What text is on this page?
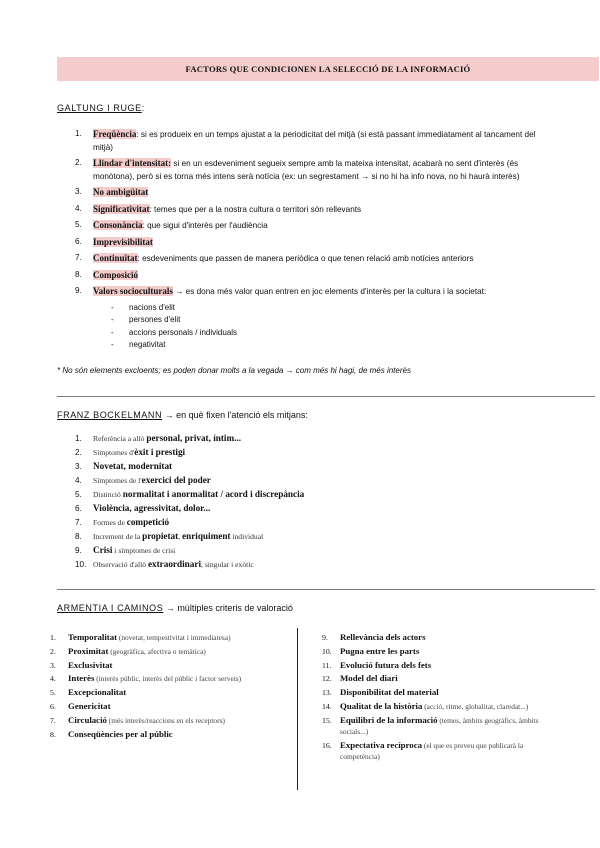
FACTORS QUE CONDICIONEN LA SELECCIÓ DE LA INFORMACIÓ
GALTUNG I RUGE:
1.	Freqüència: si es produeix en un temps ajustat a la periodicitat del mitjà (si està passant immediatament al tancament del mitjà)
2.	Llindar d'intensitat: si en un esdeveniment segueix sempre amb la mateixa intensitat, acabarà no sent d'interès (és monòtona), però si es torna més intens serà notícia (ex: un segrestament → si no hi ha info nova, no hi haurà interès)
3.	No ambigüitat
4.	Significativitat: temes que per a la nostra cultura o territori són rellevants
5.	Consonància: que sigui d'interès per l'audiència
6.	Imprevisibilitat
7.	Continuïtat: esdeveniments que passen de manera periòdica o que tenen relació amb notícies anteriors
8.	Composició
9.	Valors socioculturals → es dona més valor quan entren en joc elements d'interès per la cultura i la societat:
- nacions d'elit
- persones d'elit
- accions personals / individuals
- negativitat
* No són elements excloents; es poden donar molts a la vegada → com més hi hagi, de més interès
FRANZ BOCKELMANN → en què fixen l'atenció els mitjans:
1.	Referència a allò personal, privat, íntim...
2.	Símptomes d'èxit i prestigi
3.	Novetat, modernitat
4.	Símptomes de l'exercici del poder
5.	Distinció normalitat i anormalitat / acord i discrepància
6.	Violència, agressivitat, dolor...
7.	Formes de competició
8.	Increment de la propietat, enriquiment individual
9.	Crisi i símptomes de crisi
10. Observació d'allò extraordinari, singular i exòtic
ARMENTIA I CAMINOS → múltiples criteris de valoració
1.	Temporalitat (novetat, tempestivitat i immediatesa)
2.	Proximitat (geogràfica, afectiva o temàtica)
3.	Exclusivitat
4.	Interès (interès públic, interès del públic i factor serveis)
5.	Excepcionalitat
6.	Genericitat
7.	Circulació (més interès/reaccions en els receptors)
8.	Conseqüències per al públic
9.	Rellevància dels actors
10. Pugna entre les parts
11. Evolució futura dels fets
12. Model del diari
13. Disponibilitat del material
14. Qualitat de la història (acció, ritme, globalitat, claredat...)
15. Equilibri de la informació (temes, àmbits geogràfics, àmbits socials...)
16. Expectativa recíproca (el que es preveu que publicarà la competència)
